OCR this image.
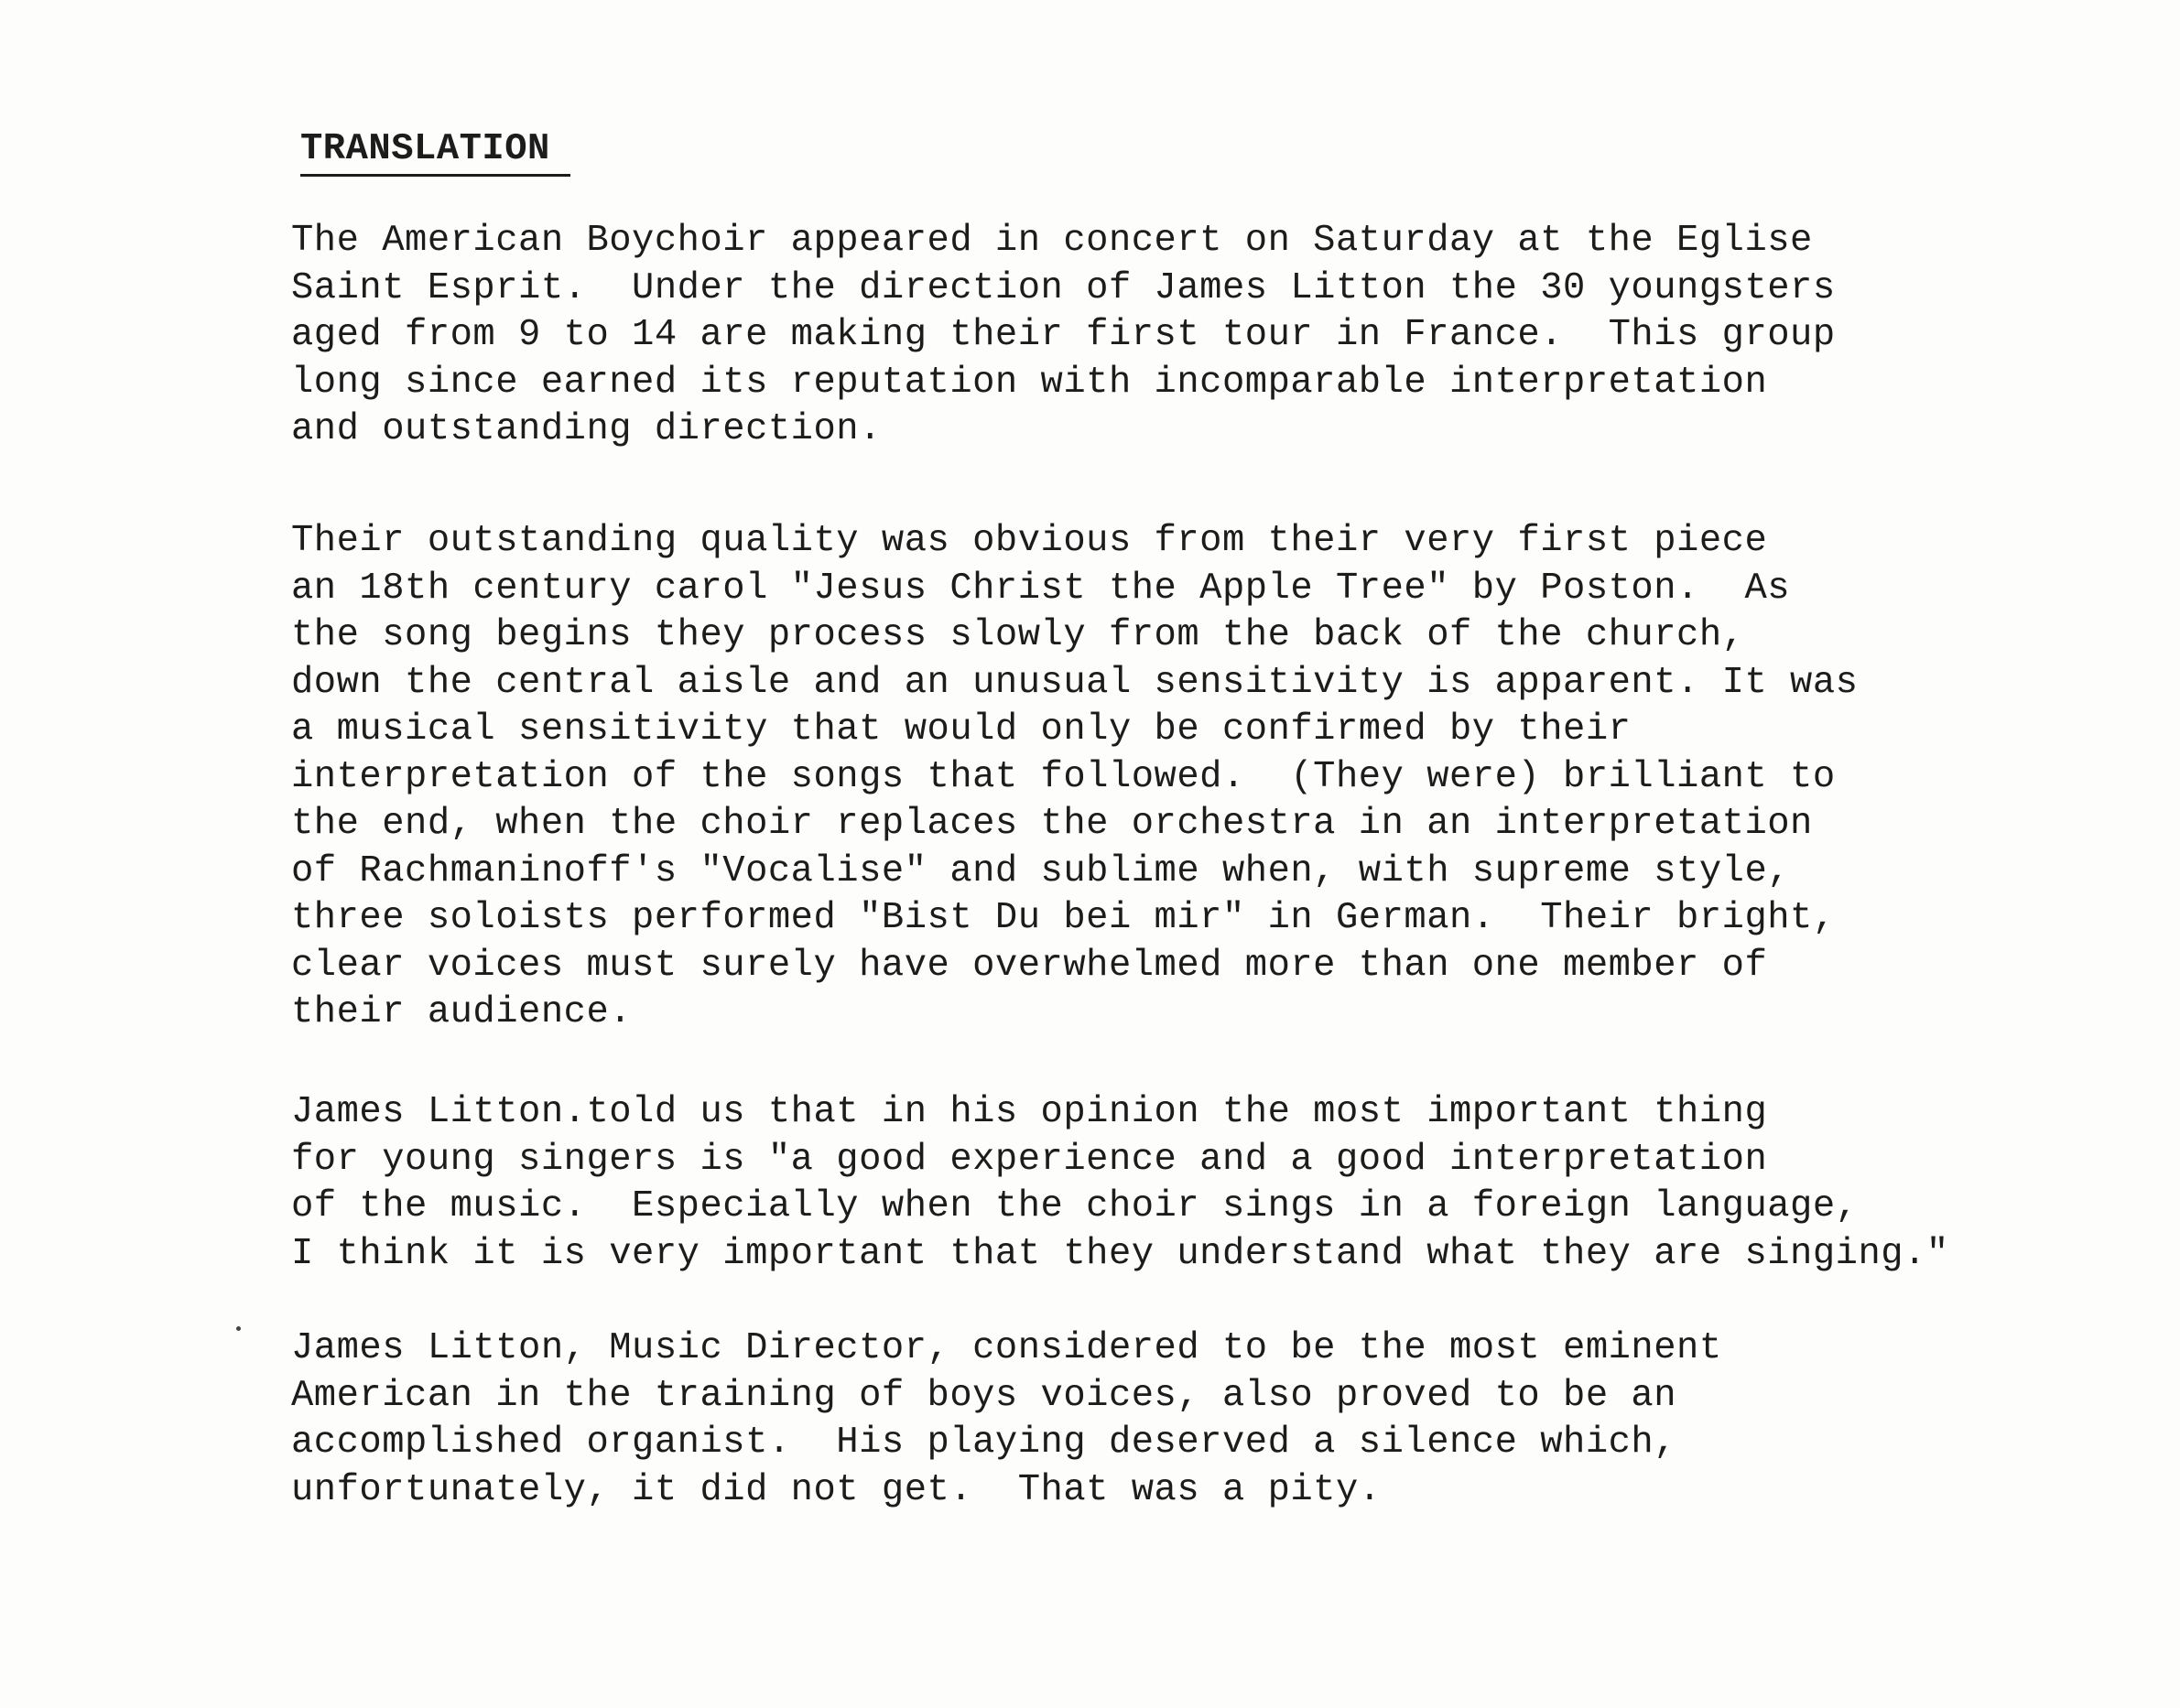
TRANSLATION
The American Boychoir appeared in concert on Saturday at the Eglise
Saint Esprit.  Under the direction of James Litton the 30 youngsters
aged from 9 to 14 are making their first tour in France.  This group
long since earned its reputation with incomparable interpretation
and outstanding direction.
Their outstanding quality was obvious from their very first piece
an 18th century carol "Jesus Christ the Apple Tree" by Poston.  As
the song begins they process slowly from the back of the church,
down the central aisle and an unusual sensitivity is apparent. It was
a musical sensitivity that would only be confirmed by their
interpretation of the songs that followed.  (They were) brilliant to
the end, when the choir replaces the orchestra in an interpretation
of Rachmaninoff's "Vocalise" and sublime when, with supreme style,
three soloists performed "Bist Du bei mir" in German.  Their bright,
clear voices must surely have overwhelmed more than one member of
their audience.
James Litton.told us that in his opinion the most important thing
for young singers is "a good experience and a good interpretation
of the music.  Especially when the choir sings in a foreign language,
I think it is very important that they understand what they are singing."
James Litton, Music Director, considered to be the most eminent
American in the training of boys voices, also proved to be an
accomplished organist.  His playing deserved a silence which,
unfortunately, it did not get.  That was a pity.
